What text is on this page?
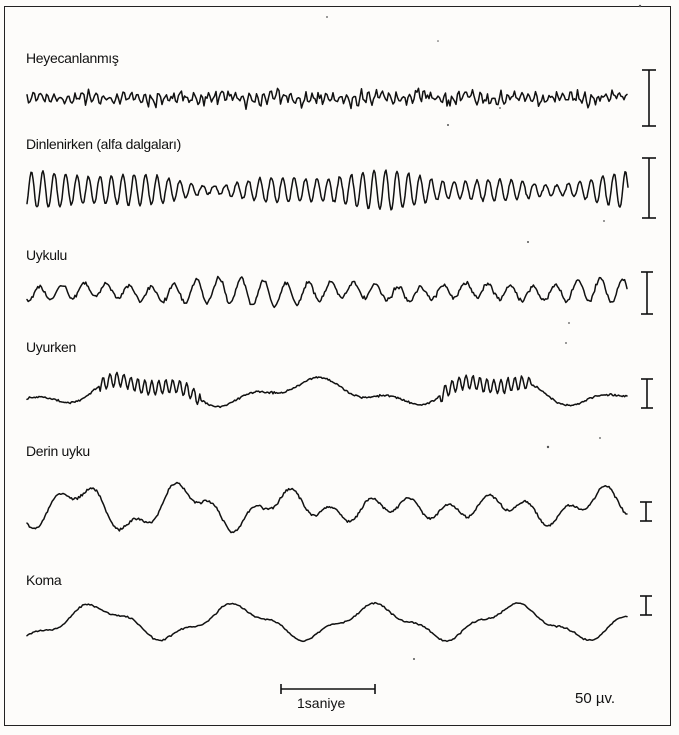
Heyecanlanmış
Dinlenirken (alfa dalgaları)
Uykulu
Uyurken
Derin uyku
Koma
1saniye	50 µv.
